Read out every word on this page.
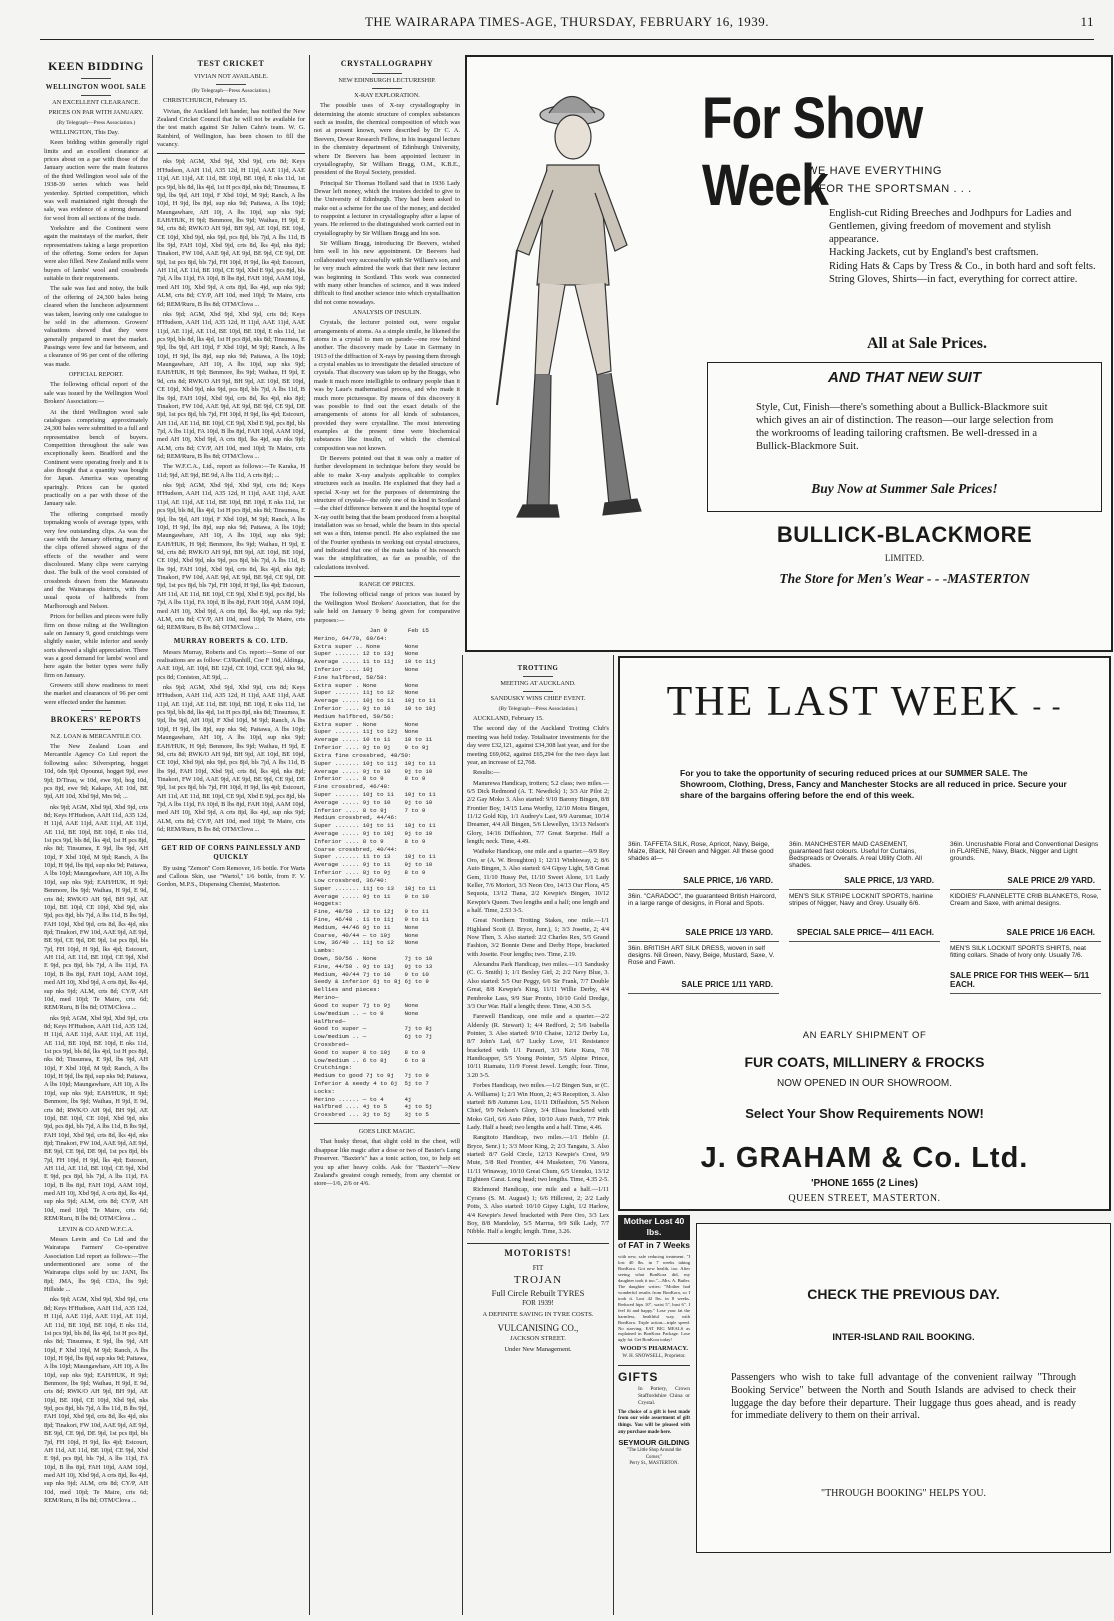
THE WAIRARAPA TIMES-AGE, THURSDAY, FEBRUARY 16, 1939.	11
KEEN BIDDING
WELLINGTON WOOL SALE

AN EXCELLENT CLEARANCE.

PRICES ON PAR WITH JANUARY.

(By Telegraph—Press Association.)

WELLINGTON, This Day.

Keen bidding within generally rigid limits and an excellent clearance at prices about on a par with those of the January auction were the main features of the third Wellington wool sale of the 1938-39 series which was held yesterday. Spirited competition, which was well maintained right through the sale, was evidence of a strong demand for wool from all sections of the trade.

Yorkshire and the Continent were again the mainstays of the market, their representatives taking a large proportion of the offering. Some orders for Japan were also filled. New Zealand mills were buyers of lambs' wool and crossbreds suitable to their requirements.

The sale was fast and noisy, the bulk of the offering of 24,300 bales being cleared when the luncheon adjournment was taken, leaving only one catalogue to be sold in the afternoon. Growers' valuations showed that they were generally prepared to meet the market. Passings were few and far between, and a clearance of 96 per cent of the offering was made.

OFFICIAL REPORT.

The following official report of the sale was issued by the Wellington Wool Brokers' Association:—

At the third Wellington wool sale catalogues comprising approximately 24,300 bales were submitted to a full and representative bench of buyers. Competition throughout the sale was exceptionally keen. Bradford and the Continent were operating freely and it is also thought that a quantity was bought for Japan. America was operating sparingly. Prices can be quoted practically on a par with those of the January sale.

The offering comprised mostly topmaking wools of average types, with very few outstanding clips. As was the case with the January offering, many of the clips offered showed signs of the effects of the weather and were discoloured. Many clips were carrying dust. The bulk of the wool consisted of crossbreds drawn from the Manawatu and the Wairarapa districts, with the usual quota of halfbreds from Marlborough and Nelson.

Prices for bellies and pieces were fully firm on those ruling at the Wellington sale on January 9, good crutchings were slightly easier, while inferior and seedy sorts showed a slight appreciation. There was a good demand for lambs' wool and here again the better types were fully firm on January.

Growers still show readiness to meet the market and clearances of 96 per cent were effected under the hammer.

BROKERS' REPORTS

N.Z. LOAN & MERCANTILE CO.

The New Zealand Loan and Mercantile Agency Co Ltd report the following sales: Silverspring, hogget 10d, 6dn 9jd; Opounui, hogget 9jd, ewe 9jd; D/Tirau, w 10d, ewe 9jd, hog 10d, pcs 8jd, ewe 9d; Kakapo, AE 10d, BE 9jd, AH 10d, Xbd 9jd, Mrs 9d; ...

nks 9jd; AGM, Xbd 9jd, Xbd 9jd, crts 8d; Keys H'Hudson, AAH 11d, A35 12d, H 11jd, AAE 11jd, AAE 11jd, AE 11jd, AE 11d, BE 10jd, BE 10jd, E nks 11d, 1st pcs 9jd, bls 8d, lks 4jd, 1st H pcs 8jd, nks 8d; Tinsumea, E 9jd, lbs 9jd, AH 10jd, F Xbd 10jd, M 9jd; Ranch, A lbs 10jd, H 9jd, lbs 8jd, sup nks 9d; Paitawa, A lbs 10jd; Maungawhare, AH 10j, A lbs 10jd, sup nks 9jd; EAH/HUK, H 9jd; Benmore, lbs 9jd; Waihau, H 9jd, E 9d, crts 8d; RWK/O AH 9jd, BH 9jd, AE 10jd, BE 10jd, CE 10jd, Xbd 9jd, nks 9jd, pcs 8jd, bls 7jd, A lbs 11d, B lbs 9jd, FAH 10jd, Xbd 9jd, crts 8d, lks 4jd, nks 8jd; Tinakori, FW 10d, AAE 9jd, AE 9jd, BE 9jd, CE 9jd, DE 9jd, 1st pcs 8jd, bls 7jd, FH 10jd, H 9jd, lks 4jd; Estcourt, AH 11d, AE 11d, BE 10jd, CE 9jd, Xbd E 9jd, pcs 8jd, bls 7jd, A lbs 11jd, FA 10jd, B lbs 8jd, FAH 10jd, AAM 10jd, med AH 10j, Xbd 9jd, A crts 8jd, lks 4jd, sup nks 9jd; ALM, crts 8d; CY/P, AH 10d, med 10jd; Te Maire, crts 6d; REM/Ruru, B lbs 8d; OTM/Clova ...

nks 9jd; AGM, Xbd 9jd, Xbd 9jd, crts 8d; Keys H'Hudson, AAH 11d, A35 12d, H 11jd, AAE 11jd, AAE 11jd, AE 11jd, AE 11d, BE 10jd, BE 10jd, E nks 11d, 1st pcs 9jd, bls 8d, lks 4jd, 1st H pcs 8jd, nks 8d; Tinsumea, E 9jd, lbs 9jd, AH 10jd, F Xbd 10jd, M 9jd; Ranch, A lbs 10jd, H 9jd, lbs 8jd, sup nks 9d; Paitawa, A lbs 10jd; Maungawhare, AH 10j, A lbs 10jd, sup nks 9jd; EAH/HUK, H 9jd; Benmore, lbs 9jd; Waihau, H 9jd, E 9d, crts 8d; RWK/O AH 9jd, BH 9jd, AE 10jd, BE 10jd, CE 10jd, Xbd 9jd, nks 9jd, pcs 8jd, bls 7jd, A lbs 11d, B lbs 9jd, FAH 10jd, Xbd 9jd, crts 8d, lks 4jd, nks 8jd; Tinakori, FW 10d, AAE 9jd, AE 9jd, BE 9jd, CE 9jd, DE 9jd, 1st pcs 8jd, bls 7jd, FH 10jd, H 9jd, lks 4jd; Estcourt, AH 11d, AE 11d, BE 10jd, CE 9jd, Xbd E 9jd, pcs 8jd, bls 7jd, A lbs 11jd, FA 10jd, B lbs 8jd, FAH 10jd, AAM 10jd, med AH 10j, Xbd 9jd, A crts 8jd, lks 4jd, sup nks 9jd; ALM, crts 8d; CY/P, AH 10d, med 10jd; Te Maire, crts 6d; REM/Ruru, B lbs 8d; OTM/Clova ...

LEVIN & CO AND W.F.C.A.

Messrs Levin and Co Ltd and the Wairarapa Farmers' Co-operative Association Ltd report as follows:—The undermentioned are some of the Wairarapa clips sold by us: JANI, lbs 8jd; JMA, lbs 9jd; CDA, lbs 9jd; Hillside ...

nks 9jd; AGM, Xbd 9jd, Xbd 9jd, crts 8d; Keys H'Hudson, AAH 11d, A35 12d, H 11jd, AAE 11jd, AAE 11jd, AE 11jd, AE 11d, BE 10jd, BE 10jd, E nks 11d, 1st pcs 9jd, bls 8d, lks 4jd, 1st H pcs 8jd, nks 8d; Tinsumea, E 9jd, lbs 9jd, AH 10jd, F Xbd 10jd, M 9jd; Ranch, A lbs 10jd, H 9jd, lbs 8jd, sup nks 9d; Paitawa, A lbs 10jd; Maungawhare, AH 10j, A lbs 10jd, sup nks 9jd; EAH/HUK, H 9jd; Benmore, lbs 9jd; Waihau, H 9jd, E 9d, crts 8d; RWK/O AH 9jd, BH 9jd, AE 10jd, BE 10jd, CE 10jd, Xbd 9jd, nks 9jd, pcs 8jd, bls 7jd, A lbs 11d, B lbs 9jd, FAH 10jd, Xbd 9jd, crts 8d, lks 4jd, nks 8jd; Tinakori, FW 10d, AAE 9jd, AE 9jd, BE 9jd, CE 9jd, DE 9jd, 1st pcs 8jd, bls 7jd, FH 10jd, H 9jd, lks 4jd; Estcourt, AH 11d, AE 11d, BE 10jd, CE 9jd, Xbd E 9jd, pcs 8jd, bls 7jd, A lbs 11jd, FA 10jd, B lbs 8jd, FAH 10jd, AAM 10jd, med AH 10j, Xbd 9jd, A crts 8jd, lks 4jd, sup nks 9jd; ALM, crts 8d; CY/P, AH 10d, med 10jd; Te Maire, crts 6d; REM/Ruru, B lbs 8d; OTM/Clova ...

TEST CRICKET

VIVIAN NOT AVAILABLE.

(By Telegraph—Press Association.)

CHRISTCHURCH, February 15.

Vivian, the Auckland left hander, has notified the New Zealand Cricket Council that he will not be available for the test match against Sir Julien Cahn's team. W. G. Rainbird, of Wellington, has been chosen to fill the vacancy.

nks 9jd; AGM, Xbd 9jd, Xbd 9jd, crts 8d; Keys H'Hudson, AAH 11d, A35 12d, H 11jd, AAE 11jd, AAE 11jd, AE 11jd, AE 11d, BE 10jd, BE 10jd, E nks 11d, 1st pcs 9jd, bls 8d, lks 4jd, 1st H pcs 8jd, nks 8d; Tinsumea, E 9jd, lbs 9jd, AH 10jd, F Xbd 10jd, M 9jd; Ranch, A lbs 10jd, H 9jd, lbs 8jd, sup nks 9d; Paitawa, A lbs 10jd; Maungawhare, AH 10j, A lbs 10jd, sup nks 9jd; EAH/HUK, H 9jd; Benmore, lbs 9jd; Waihau, H 9jd, E 9d, crts 8d; RWK/O AH 9jd, BH 9jd, AE 10jd, BE 10jd, CE 10jd, Xbd 9jd, nks 9jd, pcs 8jd, bls 7jd, A lbs 11d, B lbs 9jd, FAH 10jd, Xbd 9jd, crts 8d, lks 4jd, nks 8jd; Tinakori, FW 10d, AAE 9jd, AE 9jd, BE 9jd, CE 9jd, DE 9jd, 1st pcs 8jd, bls 7jd, FH 10jd, H 9jd, lks 4jd; Estcourt, AH 11d, AE 11d, BE 10jd, CE 9jd, Xbd E 9jd, pcs 8jd, bls 7jd, A lbs 11jd, FA 10jd, B lbs 8jd, FAH 10jd, AAM 10jd, med AH 10j, Xbd 9jd, A crts 8jd, lks 4jd, sup nks 9jd; ALM, crts 8d; CY/P, AH 10d, med 10jd; Te Maire, crts 6d; REM/Ruru, B lbs 8d; OTM/Clova ...

nks 9jd; AGM, Xbd 9jd, Xbd 9jd, crts 8d; Keys H'Hudson, AAH 11d, A35 12d, H 11jd, AAE 11jd, AAE 11jd, AE 11jd, AE 11d, BE 10jd, BE 10jd, E nks 11d, 1st pcs 9jd, bls 8d, lks 4jd, 1st H pcs 8jd, nks 8d; Tinsumea, E 9jd, lbs 9jd, AH 10jd, F Xbd 10jd, M 9jd; Ranch, A lbs 10jd, H 9jd, lbs 8jd, sup nks 9d; Paitawa, A lbs 10jd; Maungawhare, AH 10j, A lbs 10jd, sup nks 9jd; EAH/HUK, H 9jd; Benmore, lbs 9jd; Waihau, H 9jd, E 9d, crts 8d; RWK/O AH 9jd, BH 9jd, AE 10jd, BE 10jd, CE 10jd, Xbd 9jd, nks 9jd, pcs 8jd, bls 7jd, A lbs 11d, B lbs 9jd, FAH 10jd, Xbd 9jd, crts 8d, lks 4jd, nks 8jd; Tinakori, FW 10d, AAE 9jd, AE 9jd, BE 9jd, CE 9jd, DE 9jd, 1st pcs 8jd, bls 7jd, FH 10jd, H 9jd, lks 4jd; Estcourt, AH 11d, AE 11d, BE 10jd, CE 9jd, Xbd E 9jd, pcs 8jd, bls 7jd, A lbs 11jd, FA 10jd, B lbs 8jd, FAH 10jd, AAM 10jd, med AH 10j, Xbd 9jd, A crts 8jd, lks 4jd, sup nks 9jd; ALM, crts 8d; CY/P, AH 10d, med 10jd; Te Maire, crts 6d; REM/Ruru, B lbs 8d; OTM/Clova ...

The W.F.C.A., Ltd., report as follows:—Te Karaka, H 11d; 9jd, AE 9jd, BE 9d, A lbs 11d, A crts 8jd; ...

nks 9jd; AGM, Xbd 9jd, Xbd 9jd, crts 8d; Keys H'Hudson, AAH 11d, A35 12d, H 11jd, AAE 11jd, AAE 11jd, AE 11jd, AE 11d, BE 10jd, BE 10jd, E nks 11d, 1st pcs 9jd, bls 8d, lks 4jd, 1st H pcs 8jd, nks 8d; Tinsumea, E 9jd, lbs 9jd, AH 10jd, F Xbd 10jd, M 9jd; Ranch, A lbs 10jd, H 9jd, lbs 8jd, sup nks 9d; Paitawa, A lbs 10jd; Maungawhare, AH 10j, A lbs 10jd, sup nks 9jd; EAH/HUK, H 9jd; Benmore, lbs 9jd; Waihau, H 9jd, E 9d, crts 8d; RWK/O AH 9jd, BH 9jd, AE 10jd, BE 10jd, CE 10jd, Xbd 9jd, nks 9jd, pcs 8jd, bls 7jd, A lbs 11d, B lbs 9jd, FAH 10jd, Xbd 9jd, crts 8d, lks 4jd, nks 8jd; Tinakori, FW 10d, AAE 9jd, AE 9jd, BE 9jd, CE 9jd, DE 9jd, 1st pcs 8jd, bls 7jd, FH 10jd, H 9jd, lks 4jd; Estcourt, AH 11d, AE 11d, BE 10jd, CE 9jd, Xbd E 9jd, pcs 8jd, bls 7jd, A lbs 11jd, FA 10jd, B lbs 8jd, FAH 10jd, AAM 10jd, med AH 10j, Xbd 9jd, A crts 8jd, lks 4jd, sup nks 9jd; ALM, crts 8d; CY/P, AH 10d, med 10jd; Te Maire, crts 6d; REM/Ruru, B lbs 8d; OTM/Clova ...

MURRAY ROBERTS & CO. LTD.

Messrs Murray, Roberts and Co. report:—Some of our realisations are as follow: CJ/Ranhill, Coe F 10d, Aldinga, AAE 10jd, AE 10jd, BE 12jd, CE 10jd, CCE 9jd, nks 9d, pcs 8d; Coniston, AE 9jd, ...

nks 9jd; AGM, Xbd 9jd, Xbd 9jd, crts 8d; Keys H'Hudson, AAH 11d, A35 12d, H 11jd, AAE 11jd, AAE 11jd, AE 11jd, AE 11d, BE 10jd, BE 10jd, E nks 11d, 1st pcs 9jd, bls 8d, lks 4jd, 1st H pcs 8jd, nks 8d; Tinsumea, E 9jd, lbs 9jd, AH 10jd, F Xbd 10jd, M 9jd; Ranch, A lbs 10jd, H 9jd, lbs 8jd, sup nks 9d; Paitawa, A lbs 10jd; Maungawhare, AH 10j, A lbs 10jd, sup nks 9jd; EAH/HUK, H 9jd; Benmore, lbs 9jd; Waihau, H 9jd, E 9d, crts 8d; RWK/O AH 9jd, BH 9jd, AE 10jd, BE 10jd, CE 10jd, Xbd 9jd, nks 9jd, pcs 8jd, bls 7jd, A lbs 11d, B lbs 9jd, FAH 10jd, Xbd 9jd, crts 8d, lks 4jd, nks 8jd; Tinakori, FW 10d, AAE 9jd, AE 9jd, BE 9jd, CE 9jd, DE 9jd, 1st pcs 8jd, bls 7jd, FH 10jd, H 9jd, lks 4jd; Estcourt, AH 11d, AE 11d, BE 10jd, CE 9jd, Xbd E 9jd, pcs 8jd, bls 7jd, A lbs 11jd, FA 10jd, B lbs 8jd, FAH 10jd, AAM 10jd, med AH 10j, Xbd 9jd, A crts 8jd, lks 4jd, sup nks 9jd; ALM, crts 8d; CY/P, AH 10d, med 10jd; Te Maire, crts 6d; REM/Ruru, B lbs 8d; OTM/Clova ...

GET RID OF CORNS PAINLESSLY AND QUICKLY

By using "Zemon" Corn Remover, 1/6 bottle. For Warts and Callous Skin, use "Wartol," 1/6 bottle, from F. V. Gordon, M.P.S., Dispensing Chemist, Masterton.

CRYSTALLOGRAPHY

NEW EDINBURGH LECTURESHIP.

X-RAY EXPLORATION.

The possible uses of X-ray crystallography in determining the atomic structure of complex substances such as insulin, the chemical composition of which was not at present known, were described by Dr C. A. Beevers, Dewar Research Fellow, in his inaugural lecture in the chemistry department of Edinburgh University, where Dr Beevers has been appointed lecturer in crystallography, Sir William Bragg, O.M., K.B.E., president of the Royal Society, presided.

Principal Sir Thomas Holland said that in 1936 Lady Dewar left money, which the trustees decided to give to the University of Edinburgh. They had been asked to make out a scheme for the use of the money, and decided to reappoint a lecturer in crystallography after a lapse of years. He referred to the distinguished work carried out in crystallography by Sir William Bragg and his son.

Sir William Bragg, introducing Dr Beevers, wished him well in his new appointment. Dr Beevers had collaborated very successfully with Sir William's son, and he very much admired the work that their new lecturer was beginning in Scotland. This work was connected with many other branches of science, and it was indeed difficult to find another science into which crystallisation did not come nowadays.

ANALYSIS OF INSULIN.

Crystals, the lecturer pointed out, were regular arrangements of atoms. As a simple simile, he likened the atoms in a crystal to men on parade—one row behind another. The discovery made by Laue in Germany in 1913 of the diffraction of X-rays by passing them through a crystal enables us to investigate the detailed structure of crystals. That discovery was taken up by the Braggs, who made it much more intelligible to ordinary people than it was by Laue's mathematical process, and who made it much more picturesque. By means of this discovery it was possible to find out the exact details of the arrangements of atoms for all kinds of substances, provided they were crystalline. The most interesting examples at the present time were biochemical substances like insulin, of which the chemical composition was not known.

Dr Beevers pointed out that it was only a matter of further development in technique before they would be able to make X-ray analysis applicable to complex structures such as insulin. He explained that they had a special X-ray set for the purposes of determining the structure of crystals—the only one of its kind in Scotland—the chief difference between it and the hospital type of X-ray outfit being that the beam produced from a hospital installation was so broad, while the beam in this special set was a thin, intense pencil. He also explained the use of the Fourier synthesis in working out crystal structures, and indicated that one of the main tasks of his research was the simplification, as far as possible, of the calculations involved.

RANGE OF PRICES.

The following official range of prices was issued by the Wellington Wool Brokers' Association, that for the sale held on January 9 being given for comparative purposes:—

Jan 9      Feb 15
Merino, 64/70, 60/64:
Extra super .. None       None
Super ....... 12 to 13j   None
Average ..... 11 to 11j   10 to 11j
Inferior .... 10j         None
Fine halfbred, 58/58:
Extra super . None        None
Super ....... 11j to 12   None
Average ..... 10j to 11   10j to 11
Inferior .... 9j to 10    10 to 10j
Medium halfbred, 50/56:
Extra super . None        None
Super ....... 11j to 12j  None
Average ..... 10 to 11    10 to 11
Inferior .... 9j to 9j    9 to 9j
Extra fine crossbred, 48/50:
Super ....... 10j to 11j  10j to 11
Average ..... 9j to 10    9j to 10
Inferior .... 8 to 9      8 to 9
Fine crossbred, 46/48:
Super ....... 10j to 11   10j to 11
Average ..... 9j to 10    9j to 10
Inferior .... 8 to 9j     7 to 9
Medium crossbred, 44/46:
Super ....... 10j to 11   10j to 11
Average ..... 9j to 10j   9j to 10
Inferior .... 8 to 9      8 to 9
Coarse crossbred, 40/44:
Super ....... 11 to 13    10j to 11
Average ..... 9j to 11    9j to 10
Inferior .... 8j to 9j    8 to 9
Low crossbred, 36/40:
Super ....... 11j to 13   10j to 11
Average ..... 9j to 11    9 to 10
Hoggets:
Fine, 48/50 . 12 to 12j   9 to 11
Fine, 46/48 . 11 to 11j   9 to 11
Medium, 44/46 9j to 11    None
Coarse, 40/44 — to 10j    None
Low, 36/40 .. 11j to 12   None
Lambs:
Down, 50/56 . None        7j to 10
Fine, 44/50 . 9j to 13j   9j to 13
Medium, 40/44 7j to 10    9 to 10
Seedy & inferior 6j to 8j 6j to 9
Bellies and pieces:
Merino—
Good to super 7j to 9j    None
Low/medium .. — to 9      None
Halfbred—
Good to super —           7j to 8j
Low/medium .. —           6j to 7j
Crossbred—
Good to super 8 to 10j    8 to 9
Low/medium .. 6 to 8j     6 to 8
Crutchings:
Medium to good 7j to 9j   7j to 9
Inferior & seedy 4 to 6j  5j to 7
Locks:
Merino ...... — to 4      4j
Halfbred .... 4j to 5     4j to 5j
Crossbred ... 3j to 5j    3j to 5

GOES LIKE MAGIC.

That husky throat, that slight cold in the chest, will disappear like magic after a dose or two of Baxter's Lung Preserver. "Baxter's" has a tonic action, too, to help set you up after heavy colds. Ask for "Baxter's"—New Zealand's greatest cough remedy, from any chemist or store—1/6, 2/6 or 4/6.

For Show Week
WE HAVE EVERYTHING
FOR THE SPORTSMAN . . .
English-cut Riding Breeches and Jodhpurs for Ladies and Gentlemen, giving freedom of movement and stylish appearance.
Hacking Jackets, cut by England's best craftsmen.
Riding Hats & Caps by Tress & Co., in both hard and soft felts.
String Gloves, Shirts—in fact, everything for correct attire.
All at Sale Prices.
AND THAT NEW SUIT
Style, Cut, Finish—there's something about a Bullick-Blackmore suit which gives an air of distinction. The reason—our large selection from the workrooms of leading tailoring craftsmen. Be well-dressed in a Bullick-Blackmore Suit.
Buy Now at Summer Sale Prices!
BULLICK-BLACKMORE
LIMITED.
The Store for Men's Wear - - -MASTERTON
TROTTING

MEETING AT AUCKLAND.

SANDUSKY WINS CHIEF EVENT.

(By Telegraph—Press Association.)

AUCKLAND, February 15.

The second day of the Auckland Trotting Club's meeting was held today. Totalisator investments for the day were £32,121, against £34,308 last year, and for the meeting £69,062, against £65,294 for the two days last year, an increase of £2,768.

Results:—

Manurewa Handicap, trotters; 5.2 class; two miles.—6/5 Dick Redmond (A. T. Newdick) 1; 3/3 Air Pilot 2; 2/2 Gay Moko 3. Also started: 9/10 Barony Bingen, 8/8 Frontier Boy, 14/15 Lena Worthy, 12/10 Moira Bingen, 11/12 Gold Kip, 1/1 Audrey's Last, 9/9 Aurumar, 10/14 Dreamer, 4/4 All Bingen, 5/6 Llewellyn, 13/13 Nelson's Glory, 14/16 Diffashion, 7/7 Great Surprise. Half a length; neck. Time, 4.49.

Waiheke Handicap, one mile and a quarter.—9/9 Rey Oro, sr (A. W. Broughton) 1; 12/11 Winhisway, 2; 8/6 Auto Bingen, 3. Also started: 6/4 Gipsy Light, 5/8 Great Gem, 11/10 Hussy Pet, 11/10 Sweet Alone, 1/1 Lady Keller, 7/6 Moriori, 3/3 Neon Oro, 14/13 Our Flora, 4/5 Sequoia, 13/12 Tiana, 2/2 Kewpie's Bingen, 10/12 Kewpie's Queen. Two lengths and a half; one length and a half. Time, 2.53 3-5.

Great Northern Trotting Stakes, one mile.—1/1 Highland Scott (J. Bryce, Junr.), 1; 3/3 Josette, 2; 4/4 Now Then, 3. Also started: 2/2 Charles Rex, 5/5 Grand Fashion, 3/2 Bonnie Dene and Derby Hope, bracketed with Josette. Four lengths; two. Time, 2.19.

Alexandra Park Handicap, two miles.—1/1 Sandusky (C. G. Smith) 1; 1/1 Bexley Girl, 2; 2/2 Navy Blue, 3. Also started: 5/5 Our Peggy, 6/6 Sir Frank, 7/7 Double Great, 8/8 Kewpie's King, 11/11 Willie Derby, 4/4 Pembroke Lass, 9/9 Star Pronto, 10/10 Gold Dredge, 3/3 Our War. Half a length; three. Time, 4.30 3-5.

Farewell Handicap, one mile and a quarter.—2/2 Aldersly (R. Stewart) 1; 4/4 Redford, 2; 5/6 Isabella Pointer, 3. Also started: 9/10 Chaise, 12/12 Derby Lu, 8/7 John's Lad, 6/7 Lucky Love, 1/1 Resistance bracketed with 1/1 Parauri, 3/3 Kete Kura, 7/8 Handicapper, 5/5 Young Pointer, 5/5 Alpine Prince, 10/11 Riamatu, 11/9 Forest Jewel. Length; four. Time, 3.20 3-5.

Forbes Handicap, two miles.—1/2 Bingen Sun, sr (C. A. Williams) 1; 2/1 Win Huon, 2; 4/3 Reception, 3. Also started: 8/8 Autumn Lou, 11/11 Diffashion, 5/5 Nelson Chief, 9/9 Nelson's Glory, 3/4 Elissa bracketed with Moko Girl, 6/6 Auto Pilot, 10/10 Auto Patch, 7/7 Pink Lady. Half a head; two lengths and a half. Time, 4.46.

Rangitoto Handicap, two miles.—1/1 Heblo (J. Bryce, Senr.) 1; 3/3 Moor King, 2; 2/3 Tangatu, 3. Also started: 8/7 Gold Circle, 12/13 Kewpie's Crest, 9/9 Mute, 5/8 Red Frontier, 4/4 Musketeer, 7/6 Vanora, 11/11 Winaway, 10/10 Great Chum, 6/5 Uenuku, 13/12 Eighteen Carat. Long head; two lengths. Time, 4.35 2-5.

Richmond Handicap, one mile and a half.—1/11 Cyrano (S. M. August) 1; 6/6 Hillcrest, 2; 2/2 Lady Potts, 3. Also started: 10/10 Gipsy Light, 1/2 Harlow, 4/4 Kewpie's Jewel bracketed with Pere Oro, 3/3 Lex Boy, 8/8 Mandolay, 5/5 Marrua, 9/9 Silk Lady, 7/7 Nibble. Half a length; length. Time, 3.26.

MOTORISTS!
FIT
TROJAN
Full Circle Rebuilt TYRES
FOR 1939!
A DEFINITE SAVING IN TYRE COSTS.
VULCANISING CO.,
JACKSON STREET.
Under New Management.
THE LAST WEEK - -
For you to take the opportunity of securing reduced prices at our SUMMER SALE. The Showroom, Clothing, Dress, Fancy and Manchester Stocks are all reduced in price. Secure your share of the bargains offering before the end of this week.
36in. TAFFETA SILK, Rose, Apricot, Navy, Beige, Maize, Black, Nil Green and Nigger. All these good shades at—
SALE PRICE, 1/6 YARD.
36in. MANCHESTER MAID CASEMENT, guaranteed fast colours. Useful for Curtains, Bedspreads or Overalls. A real Utility Cloth. All shades.
SALE PRICE, 1/3 YARD.
36in. Uncrushable Floral and Conventional Designs in FLAIRENE, Navy, Black, Nigger and Light grounds.
SALE PRICE 2/9 YARD.
36in. "CARADOC", the guaranteed British Haircord, in a large range of designs, in Floral and Spots.
SALE PRICE 1/3 YARD.
MEN'S SILK STRIPE LOCKNIT SPORTS, hairline stripes of Nigger, Navy and Grey. Usually 6/6.
SPECIAL SALE PRICE— 4/11 EACH.
KIDDIES' FLANNELETTE CRIB BLANKETS, Rose, Cream and Saxe, with animal designs.
SALE PRICE 1/6 EACH.
36in. BRITISH ART SILK DRESS, woven in self designs. Nil Green, Navy, Beige, Mustard, Saxe, V. Rose and Fawn.
SALE PRICE 1/11 YARD.
MEN'S SILK LOCKNIT SPORTS SHIRTS, neat fitting collars. Shade of Ivory only. Usually 7/6.
SALE PRICE FOR THIS WEEK— 5/11 EACH.
AN EARLY SHIPMENT OF
FUR COATS, MILLINERY & FROCKS
NOW OPENED IN OUR SHOWROOM.
Select Your Show Requirements NOW!
J. GRAHAM & Co. Ltd.
'PHONE 1655 (2 Lines)
QUEEN STREET, MASTERTON.
Mother Lost 40 lbs.
of FAT in 7 Weeks

with new, safe reducing treatment. "I lost 40 lbs. in 7 weeks taking BonKora. Got new health, too. After seeing what BonKora did, my daughter took it too."—Mrs. A. Butler. The daughter writes: "Mother had wonderful results from BonKora, so I took it. Lost 42 lbs. in 8 weeks. Reduced hips 10", waist 5", bust 6". I feel fit and happy." Lose your fat the harmless, healthful way, with BonKora. Triple action—triple speed. No starving. EAT BIG MEALS as explained in BonKora Package. Lose ugly fat. Get BonKora today!

WOOD'S PHARMACY.
W. H. SNOWSELL, Proprietor.
GIFTS

In Pottery, Crown Staffordshire China or Crystal.

The choice of a gift is best made from our wide assortment of gift things. You will be pleased with any purchase made here.

SEYMOUR GILDING
"The Little Shop Around the Corner,"
Perry St., MASTERTON.
CHECK THE PREVIOUS DAY.
INTER-ISLAND RAIL BOOKING.
Passengers who wish to take full advantage of the convenient railway "Through Booking Service" between the North and South Islands are advised to check their luggage the day before their departure. Their luggage thus goes ahead, and is ready for immediate delivery to them on their arrival.
"THROUGH BOOKING" HELPS YOU.
